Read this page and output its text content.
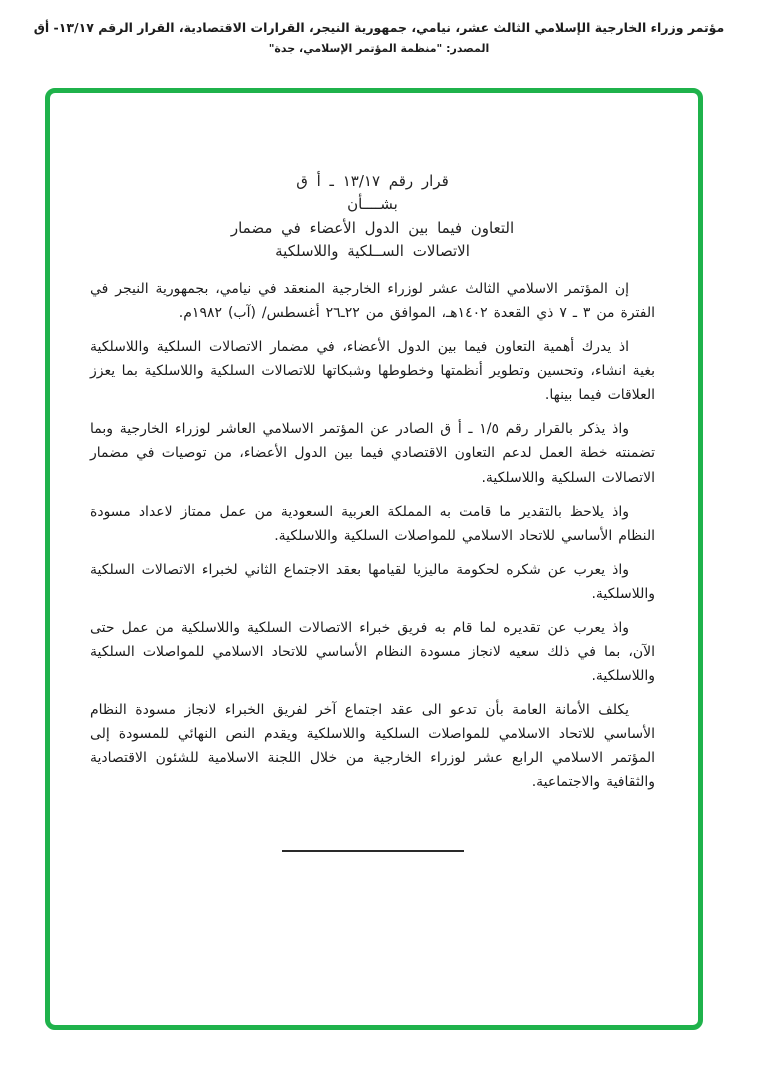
مؤتمر وزراء الخارجية الإسلامي الثالث عشر، نيامي، جمهورية النيجر، القرارات الاقتصادية، القرار الرقم ١٣/١٧- أق
المصدر: "منظمة المؤتمر الإسلامي، جدة"
قرار رقم ١٣/١٧ ـ أ ق
بشــــأن
التعاون فيما بين الدول الأعضاء في مضمار
الاتصالات الســلكية واللاسلكية

إن المؤتمر الاسلامي الثالث عشر لوزراء الخارجية المنعقد في نيامي، بجمهورية النيجر في الفترة من ٣ ـ ٧ ذي القعدة ١٤٠٢هـ، الموافق من ٢٢ـ٢٦ أغسطس/ (آب) ١٩٨٢م.

اذ يدرك أهمية التعاون فيما بين الدول الأعضاء، في مضمار الاتصالات السلكية واللاسلكية بغية انشاء، وتحسين وتطوير أنظمتها وخطوطها وشبكاتها للاتصالات السلكية واللاسلكية بما يعزز العلاقات فيما بينها.

واذ يذكر بالقرار رقم ١/٥ ـ أ ق الصادر عن المؤتمر الاسلامي العاشر لوزراء الخارجية وبما تضمنته خطة العمل لدعم التعاون الاقتصادي فيما بين الدول الأعضاء، من توصيات في مضمار الاتصالات السلكية واللاسلكية.

واذ يلاحظ بالتقدير ما قامت به المملكة العربية السعودية من عمل ممتاز لاعداد مسودة النظام الأساسي للاتحاد الاسلامي للمواصلات السلكية واللاسلكية.

واذ يعرب عن شكره لحكومة ماليزيا لقيامها بعقد الاجتماع الثاني لخبراء الاتصالات السلكية واللاسلكية.

واذ يعرب عن تقديره لما قام به فريق خبراء الاتصالات السلكية واللاسلكية من عمل حتى الآن، بما في ذلك سعيه لانجاز مسودة النظام الأساسي للاتحاد الاسلامي للمواصلات السلكية واللاسلكية.

يكلف الأمانة العامة بأن تدعو الى عقد اجتماع آخر لفريق الخبراء لانجاز مسودة النظام الأساسي للاتحاد الاسلامي للمواصلات السلكية واللاسلكية ويقدم النص النهائي للمسودة إلى المؤتمر الاسلامي الرابع عشر لوزراء الخارجية من خلال اللجنة الاسلامية للشئون الاقتصادية والثقافية والاجتماعية.
